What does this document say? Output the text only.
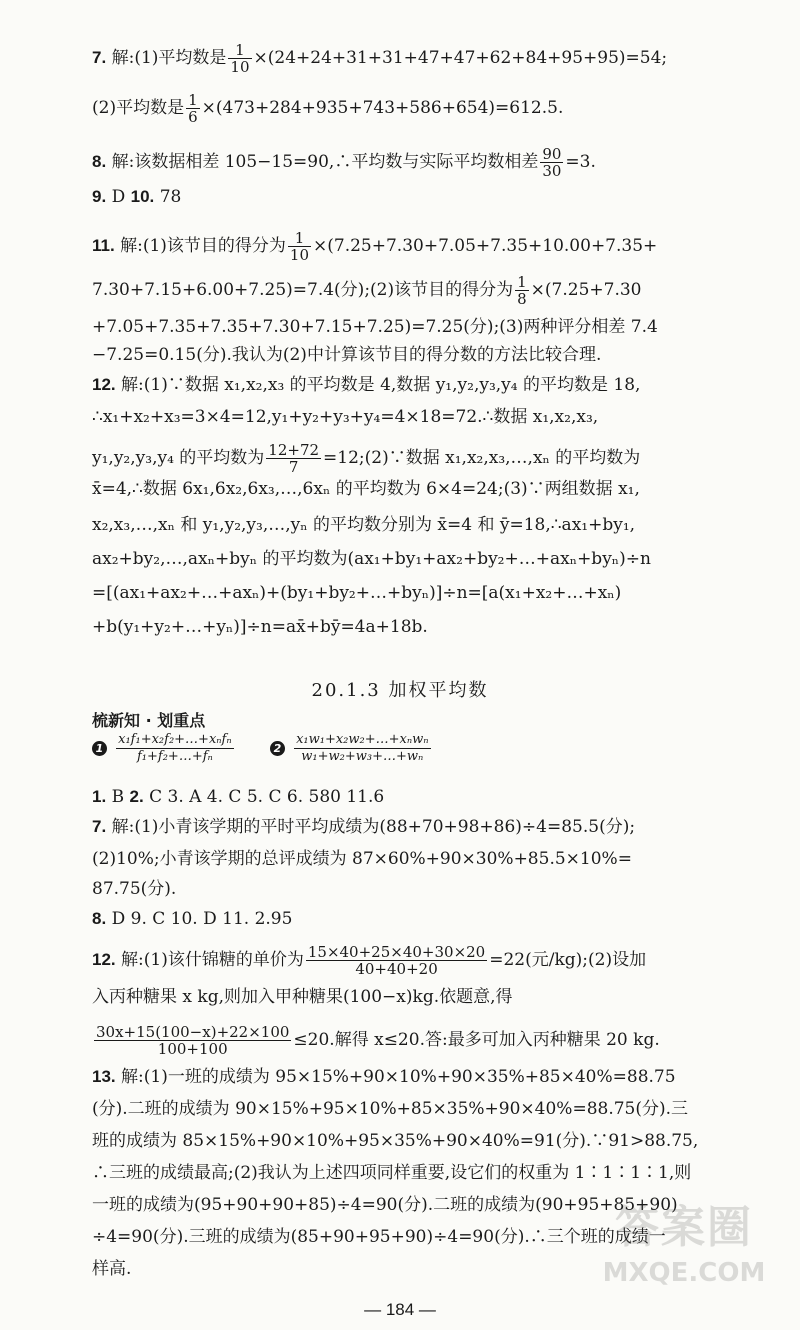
7. 解:(1)平均数是 $\frac{1}{10} \times(24+24+31+31+47+47+62+84+95+95)=54$;
(2)平均数是 $\frac{1}{6} \times(473+284+935+743+586+654)=612.5$.
8. 解:该数据相差 105−15=90,∴平均数与实际平均数相差 $\frac{90}{30} =3$.
9. D 10. 78
11. 解:(1)该节目的得分为 $\frac{1}{10} \times(7.25+7.30+7.05+7.35+10.00+7.35+$
7.30+7.15+6.00+7.25)=7.4(分);(2)该节目的得分为 $\frac{1}{8} \times(7.25+7.30$
+7.05+7.35+7.35+7.30+7.15+7.25)=7.25(分);(3)两种评分相差 7.4
−7.25=0.15(分).我认为(2)中计算该节目的得分数的方法比较合理.
12. 解:(1)∵数据 x₁,x₂,x₃ 的平均数是 4,数据 y₁,y₂,y₃,y₄ 的平均数是 18,
∴x₁+x₂+x₃=3×4=12,y₁+y₂+y₃+y₄=4×18=72.∴数据 x₁,x₂,x₃,
y₁,y₂,y₃,y₄ 的平均数为 $\frac{12+72}{7}$ =12;(2)∵数据 x₁,x₂,x₃,…,xₙ 的平均数为
x̄=4,∴数据 6x₁,6x₂,6x₃,…,6xₙ 的平均数为 6×4=24;(3)∵两组数据 x₁,
x₂,x₃,…,xₙ 和 y₁,y₂,y₃,…,yₙ 的平均数分别为 x̄=4 和 ȳ=18,∴ax₁+by₁,
ax₂+by₂,…,axₙ+byₙ 的平均数为(ax₁+by₁+ax₂+by₂+…+axₙ+byₙ)÷n
=[(ax₁+ax₂+…+axₙ)+(by₁+by₂+…+byₙ)]÷n=[a(x₁+x₂+…+xₙ)
+b(y₁+y₂+…+yₙ)]÷n=ax̄+bȳ=4a+18b.
1. B 2. C 3. A 4. C 5. C 6. 580 11.6
7. 解:(1)小青该学期的平时平均成绩为(88+70+98+86)÷4=85.5(分);
(2)10%;小青该学期的总评成绩为 87×60%+90×30%+85.5×10%=
87.75(分).
8. D 9. C 10. D 11. 2.95
12. 解:(1)该什锦糖的单价为 $\frac{15\times 40+25\times 40+30\times 20}{40+40+20} =22$(元/kg);(2)设加
入丙种糖果 x kg,则加入甲种糖果(100−x)kg.依题意,得
$\frac{30x+15(100-x)+22\times 100}{100+100} \le 20$.解得 x≤20.答:最多可加入丙种糖果 20 kg.
13. 解:(1)一班的成绩为 95×15%+90×10%+90×35%+85×40%=88.75
(分).二班的成绩为 90×15%+95×10%+85×35%+90×40%=88.75(分).三
班的成绩为 85×15%+90×10%+95×35%+90×40%=91(分).∵91>88.75,
∴三班的成绩最高;(2)我认为上述四项同样重要,设它们的权重为 1∶1∶1∶1,则
一班的成绩为(95+90+90+85)÷4=90(分).二班的成绩为(90+95+85+90)
÷4=90(分).三班的成绩为(85+90+95+90)÷4=90(分).∴三个班的成绩一
样高.
20.1.3 加权平均数
梳新知 · 划重点
$1 \frac{\text{x₁f₁+x₂f₂+…+xₙfₙ}}{\text{f₁+f₂+…+fₙ}}$	$2 \frac{\text{x₁w₁+x₂w₂+…+xₙwₙ}}{\text{w₁+w₂+w₃+…+wₙ}}$
— 184 —
答案圈
MXQE.COM
